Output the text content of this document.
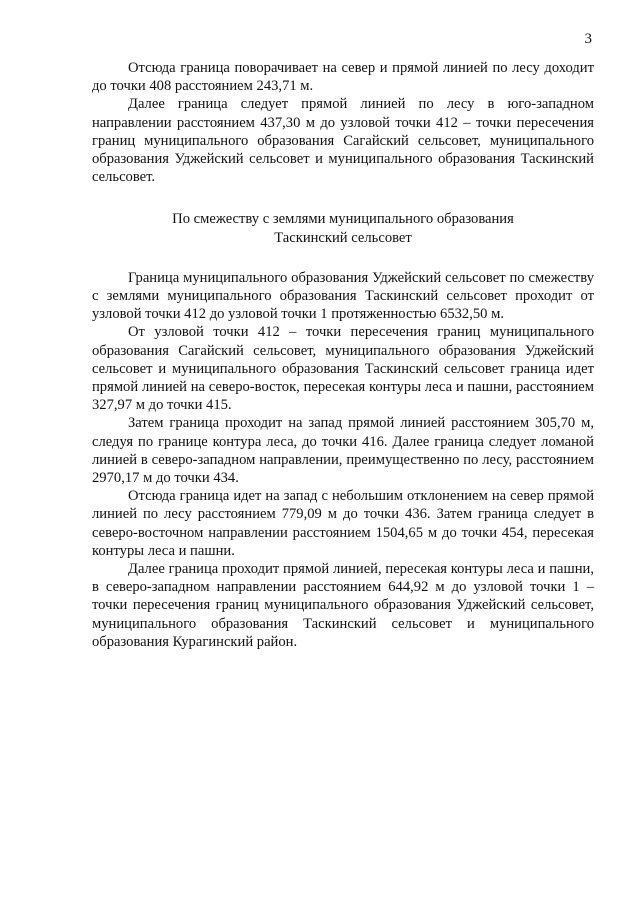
3

Отсюда граница поворачивает на север и прямой линией по лесу доходит до точки 408 расстоянием 243,71 м.

Далее граница следует прямой линией по лесу в юго-западном направлении расстоянием 437,30 м до узловой точки 412 – точки пересечения границ муниципального образования Сагайский сельсовет, муниципального образования Уджейский сельсовет и муниципального образования Таскинский сельсовет.

По смежеству с землями муниципального образования
Таскинский сельсовет

Граница муниципального образования Уджейский сельсовет по смежеству с землями муниципального образования Таскинский сельсовет проходит от узловой точки 412 до узловой точки 1 протяженностью 6532,50 м.

От узловой точки 412 – точки пересечения границ муниципального образования Сагайский сельсовет, муниципального образования Уджейский сельсовет и муниципального образования Таскинский сельсовет граница идет прямой линией на северо-восток, пересекая контуры леса и пашни, расстоянием 327,97 м до точки 415.

Затем граница проходит на запад прямой линией расстоянием 305,70 м, следуя по границе контура леса, до точки 416. Далее граница следует ломаной линией в северо-западном направлении, преимущественно по лесу, расстоянием 2970,17 м до точки 434.

Отсюда граница идет на запад с небольшим отклонением на север прямой линией по лесу расстоянием 779,09 м до точки 436. Затем граница следует в северо-восточном направлении расстоянием 1504,65 м до точки 454, пересекая контуры леса и пашни.

Далее граница проходит прямой линией, пересекая контуры леса и пашни, в северо-западном направлении расстоянием 644,92 м до узловой точки 1 – точки пересечения границ муниципального образования Уджейский сельсовет, муниципального образования Таскинский сельсовет и муниципального образования Курагинский район.
